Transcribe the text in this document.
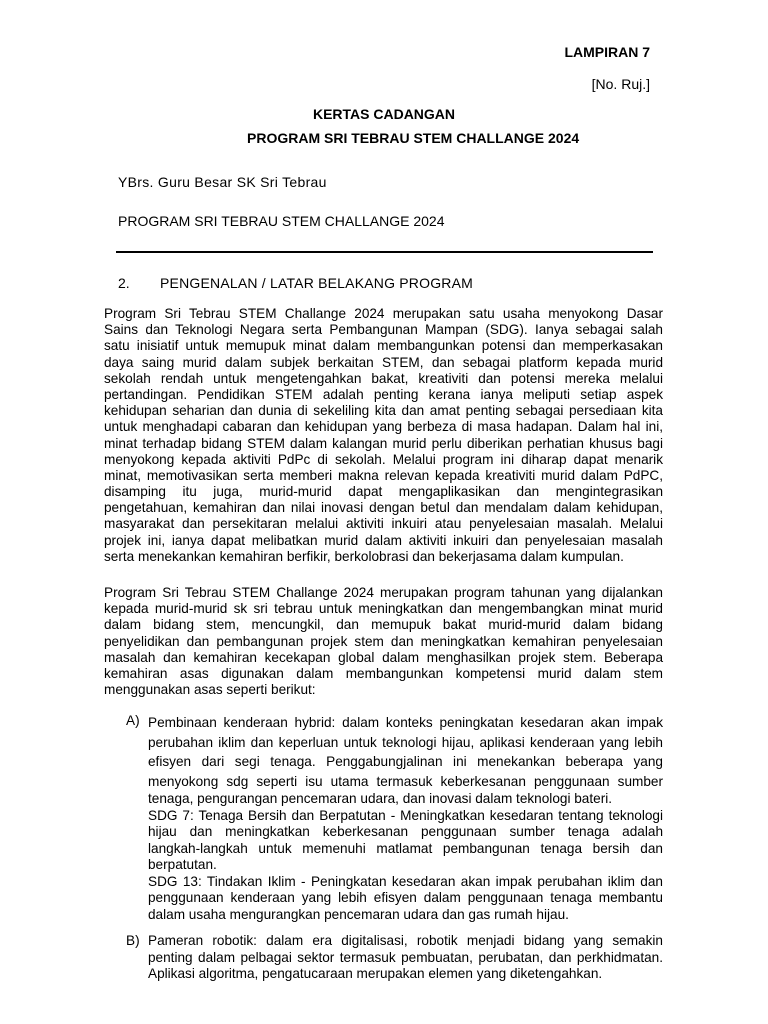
LAMPIRAN 7
[No. Ruj.]
KERTAS CADANGAN
PROGRAM SRI TEBRAU STEM CHALLANGE 2024
YBrs. Guru Besar SK Sri Tebrau
PROGRAM SRI TEBRAU STEM CHALLANGE 2024
2. PENGENALAN / LATAR BELAKANG PROGRAM
Program Sri Tebrau STEM Challange 2024 merupakan satu usaha menyokong Dasar
Sains dan Teknologi Negara serta Pembangunan Mampan (SDG). Ianya sebagai salah
satu inisiatif untuk memupuk minat dalam membangunkan potensi dan memperkasakan
daya saing murid dalam subjek berkaitan STEM, dan sebagai platform kepada murid
sekolah rendah untuk mengetengahkan bakat, kreativiti dan potensi mereka melalui
pertandingan. Pendidikan STEM adalah penting kerana ianya meliputi setiap aspek
kehidupan seharian dan dunia di sekeliling kita dan amat penting sebagai persediaan kita
untuk menghadapi cabaran dan kehidupan yang berbeza di masa hadapan. Dalam hal ini,
minat terhadap bidang STEM dalam kalangan murid perlu diberikan perhatian khusus bagi
menyokong kepada aktiviti PdPc di sekolah. Melalui program ini diharap dapat menarik
minat, memotivasikan serta memberi makna relevan kepada kreativiti murid dalam PdPC,
disamping itu juga, murid-murid dapat mengaplikasikan dan mengintegrasikan
pengetahuan, kemahiran dan nilai inovasi dengan betul dan mendalam dalam kehidupan,
masyarakat dan persekitaran melalui aktiviti inkuiri atau penyelesaian masalah. Melalui
projek ini, ianya dapat melibatkan murid dalam aktiviti inkuiri dan penyelesaian masalah
serta menekankan kemahiran berfikir, berkolobrasi dan bekerjasama dalam kumpulan.
Program Sri Tebrau STEM Challange 2024 merupakan program tahunan yang dijalankan
kepada murid-murid sk sri tebrau untuk meningkatkan dan mengembangkan minat murid
dalam bidang stem, mencungkil, dan memupuk bakat murid-murid dalam bidang
penyelidikan dan pembangunan projek stem dan meningkatkan kemahiran penyelesaian
masalah dan kemahiran kecekapan global dalam menghasilkan projek stem. Beberapa
kemahiran asas digunakan dalam membangunkan kompetensi murid dalam stem
menggunakan asas seperti berikut:
A) Pembinaan kenderaan hybrid: dalam konteks peningkatan kesedaran akan impak
perubahan iklim dan keperluan untuk teknologi hijau, aplikasi kenderaan yang lebih
efisyen dari segi tenaga. Penggabungjalinan ini menekankan beberapa yang
menyokong sdg seperti isu utama termasuk keberkesanan penggunaan sumber
tenaga, pengurangan pencemaran udara, dan inovasi dalam teknologi bateri.
SDG 7: Tenaga Bersih dan Berpatutan - Meningkatkan kesedaran tentang teknologi
hijau dan meningkatkan keberkesanan penggunaan sumber tenaga adalah
langkah-langkah untuk memenuhi matlamat pembangunan tenaga bersih dan
berpatutan.
SDG 13: Tindakan Iklim - Peningkatan kesedaran akan impak perubahan iklim dan
penggunaan kenderaan yang lebih efisyen dalam penggunaan tenaga membantu
dalam usaha mengurangkan pencemaran udara dan gas rumah hijau.
B) Pameran robotik: dalam era digitalisasi, robotik menjadi bidang yang semakin
penting dalam pelbagai sektor termasuk pembuatan, perubatan, dan perkhidmatan.
Aplikasi algoritma, pengatucaraan merupakan elemen yang diketengahkan.
